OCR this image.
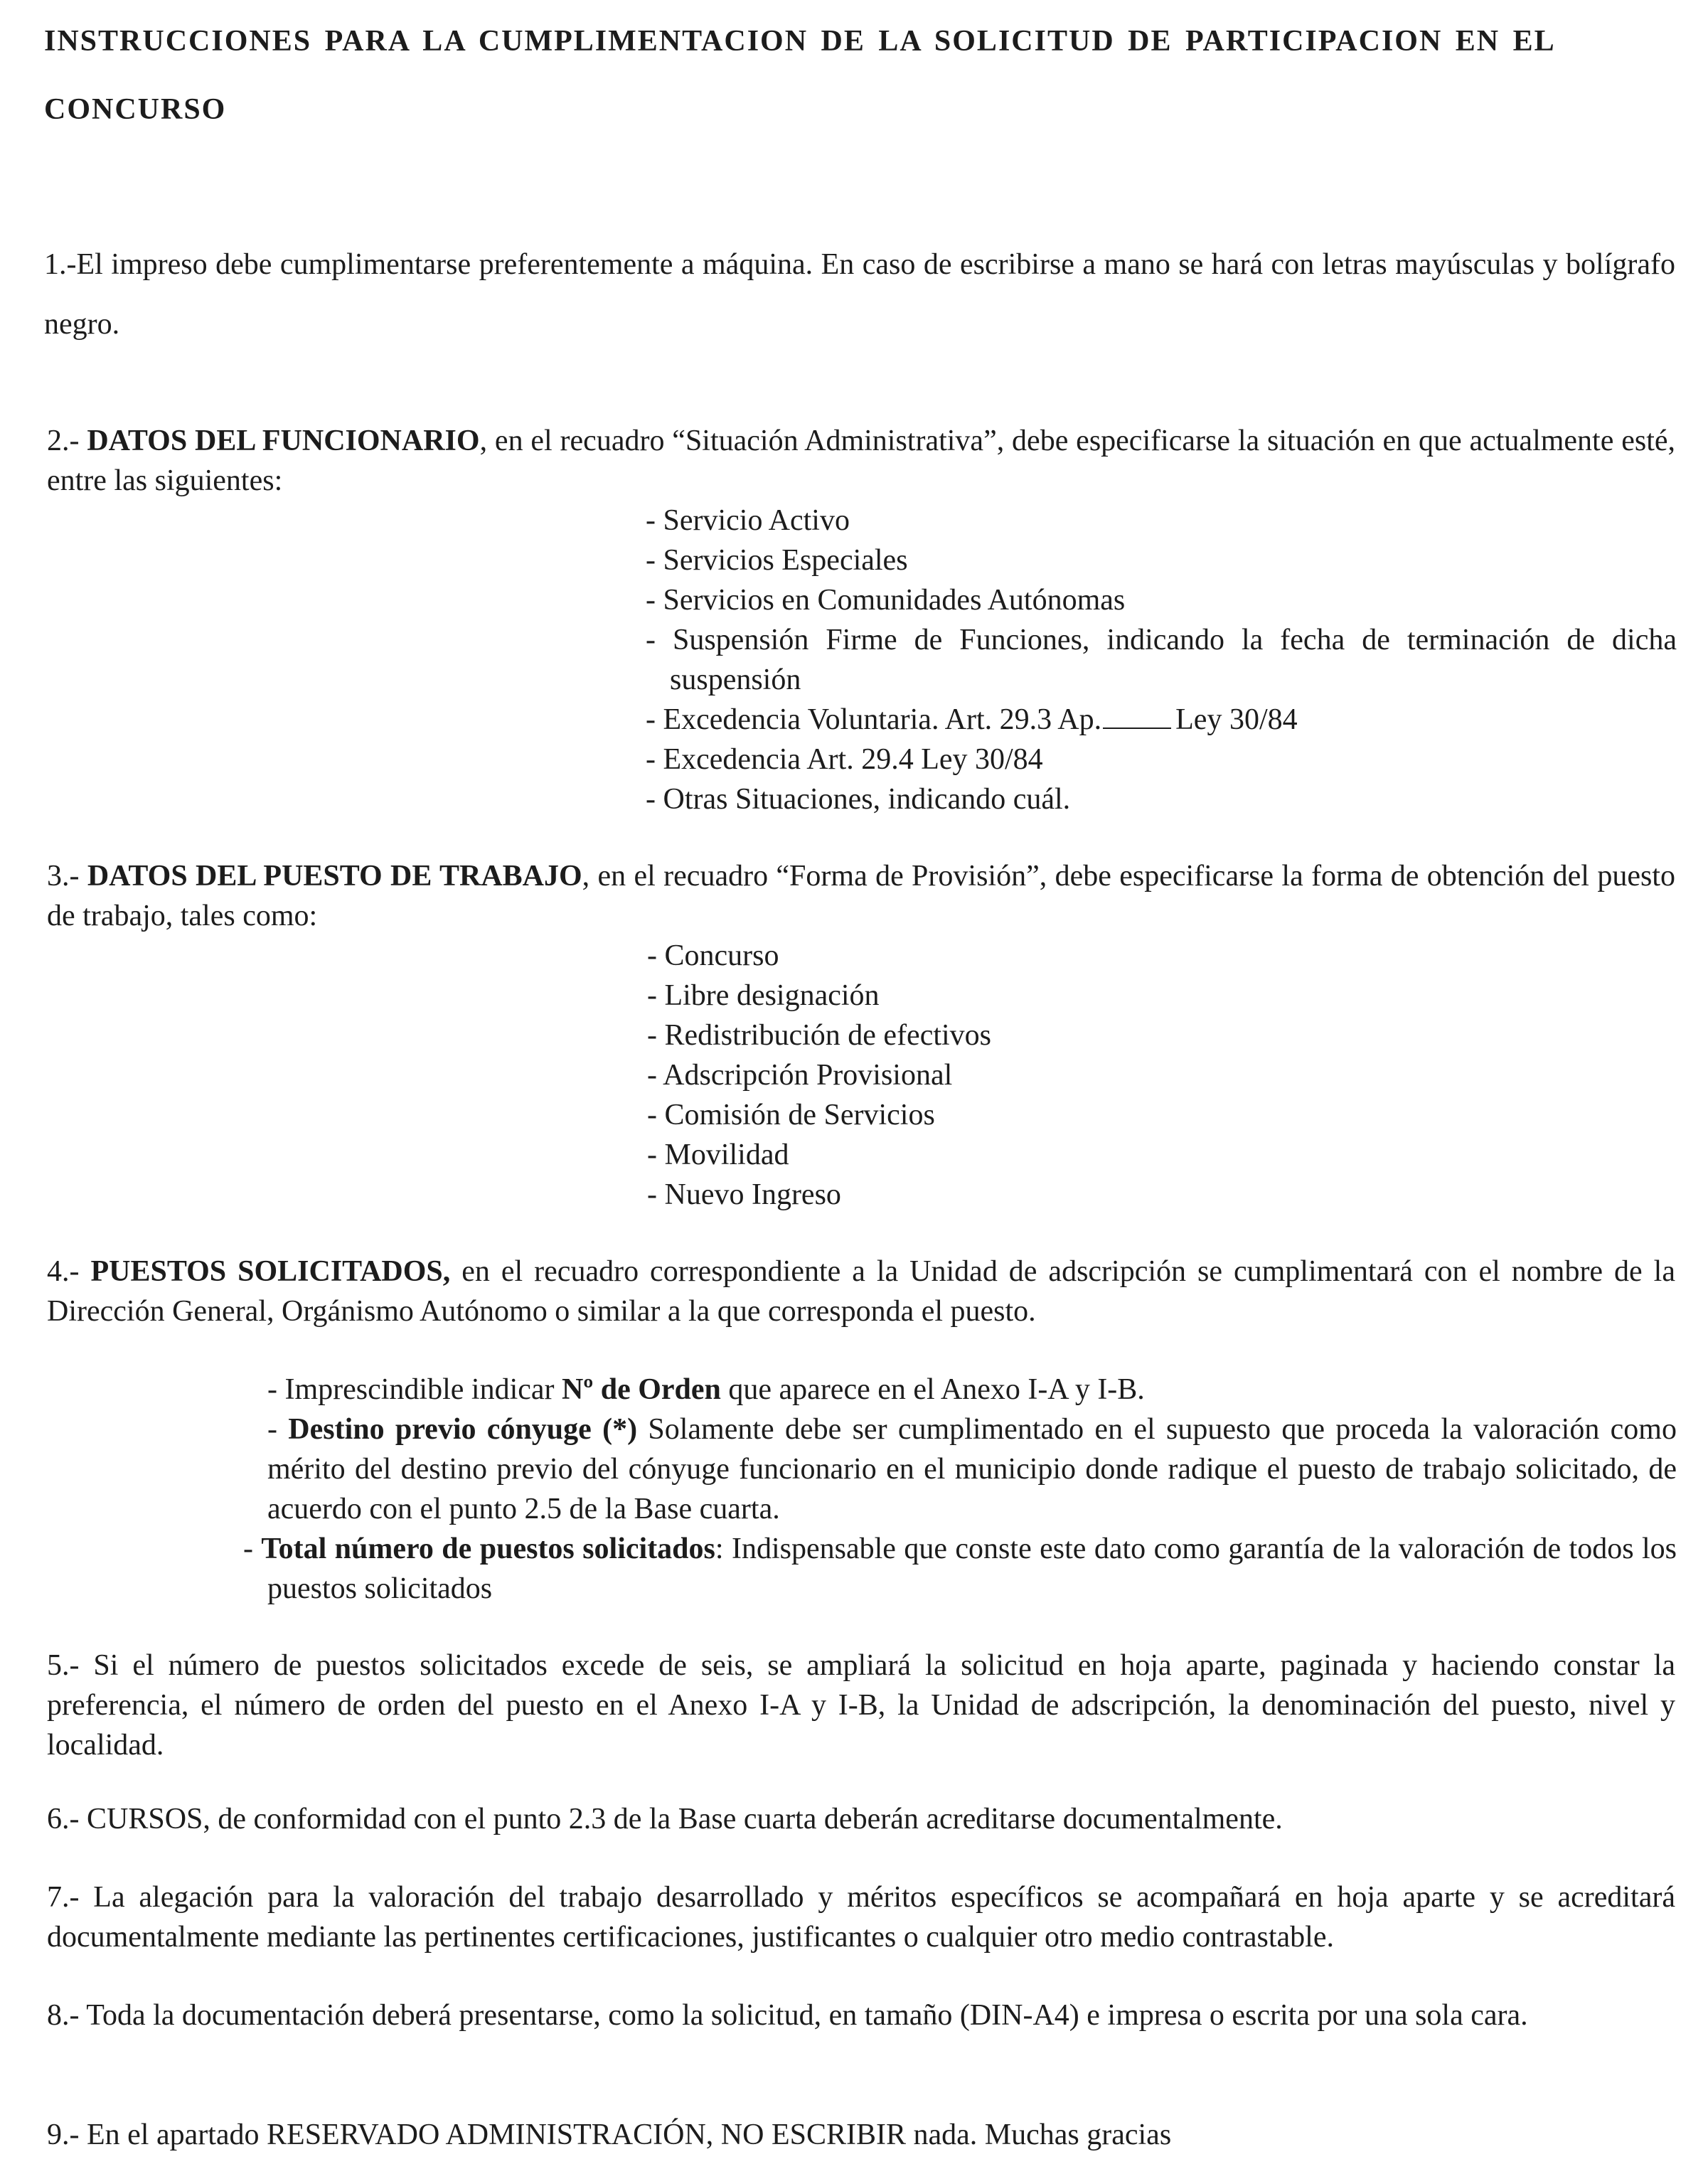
INSTRUCCIONES PARA LA CUMPLIMENTACION DE LA SOLICITUD DE PARTICIPACION EN EL CONCURSO

1.-El impreso debe cumplimentarse preferentemente a máquina. En caso de escribirse a mano se hará con letras mayúsculas y bolígrafo negro.

2.- DATOS DEL FUNCIONARIO, en el recuadro “Situación Administrativa”, debe especificarse la situación en que actualmente esté, entre las siguientes:

- Servicio Activo
- Servicios Especiales
- Servicios en Comunidades Autónomas
- Suspensión Firme de Funciones, indicando la fecha de terminación de dicha suspensión
- Excedencia Voluntaria. Art. 29.3 Ap. Ley 30/84
- Excedencia Art. 29.4 Ley 30/84
- Otras Situaciones, indicando cuál.

3.- DATOS DEL PUESTO DE TRABAJO, en el recuadro “Forma de Provisión”, debe especificarse la forma de obtención del puesto de trabajo, tales como:

- Concurso
- Libre designación
- Redistribución de efectivos
- Adscripción Provisional
- Comisión de Servicios
- Movilidad
- Nuevo Ingreso

4.- PUESTOS SOLICITADOS, en el recuadro correspondiente a la Unidad de adscripción se cumplimentará con el nombre de la Dirección General, Orgánismo Autónomo o similar a la que corresponda el puesto.

- Imprescindible indicar Nº de Orden que aparece en el Anexo I-A y I-B.
- Destino previo cónyuge (*) Solamente debe ser cumplimentado en el supuesto que proceda la valoración como mérito del destino previo del cónyuge funcionario en el municipio donde radique el puesto de trabajo solicitado, de acuerdo con el punto 2.5 de la Base cuarta.
- Total número de puestos solicitados: Indispensable que conste este dato como garantía de la valoración de todos los puestos solicitados

5.- Si el número de puestos solicitados excede de seis, se ampliará la solicitud en hoja aparte, paginada y haciendo constar la preferencia, el número de orden del puesto en el Anexo I-A y I-B, la Unidad de adscripción, la denominación del puesto, nivel y localidad.

6.- CURSOS, de conformidad con el punto 2.3 de la Base cuarta deberán acreditarse documentalmente.

7.- La alegación para la valoración del trabajo desarrollado y méritos específicos se acompañará en hoja aparte y se acreditará documentalmente mediante las pertinentes certificaciones, justificantes o cualquier otro medio contrastable.

8.- Toda la documentación deberá presentarse, como la solicitud, en tamaño (DIN-A4) e impresa o escrita por una sola cara.

9.- En el apartado RESERVADO ADMINISTRACIÓN, NO ESCRIBIR nada. Muchas gracias
